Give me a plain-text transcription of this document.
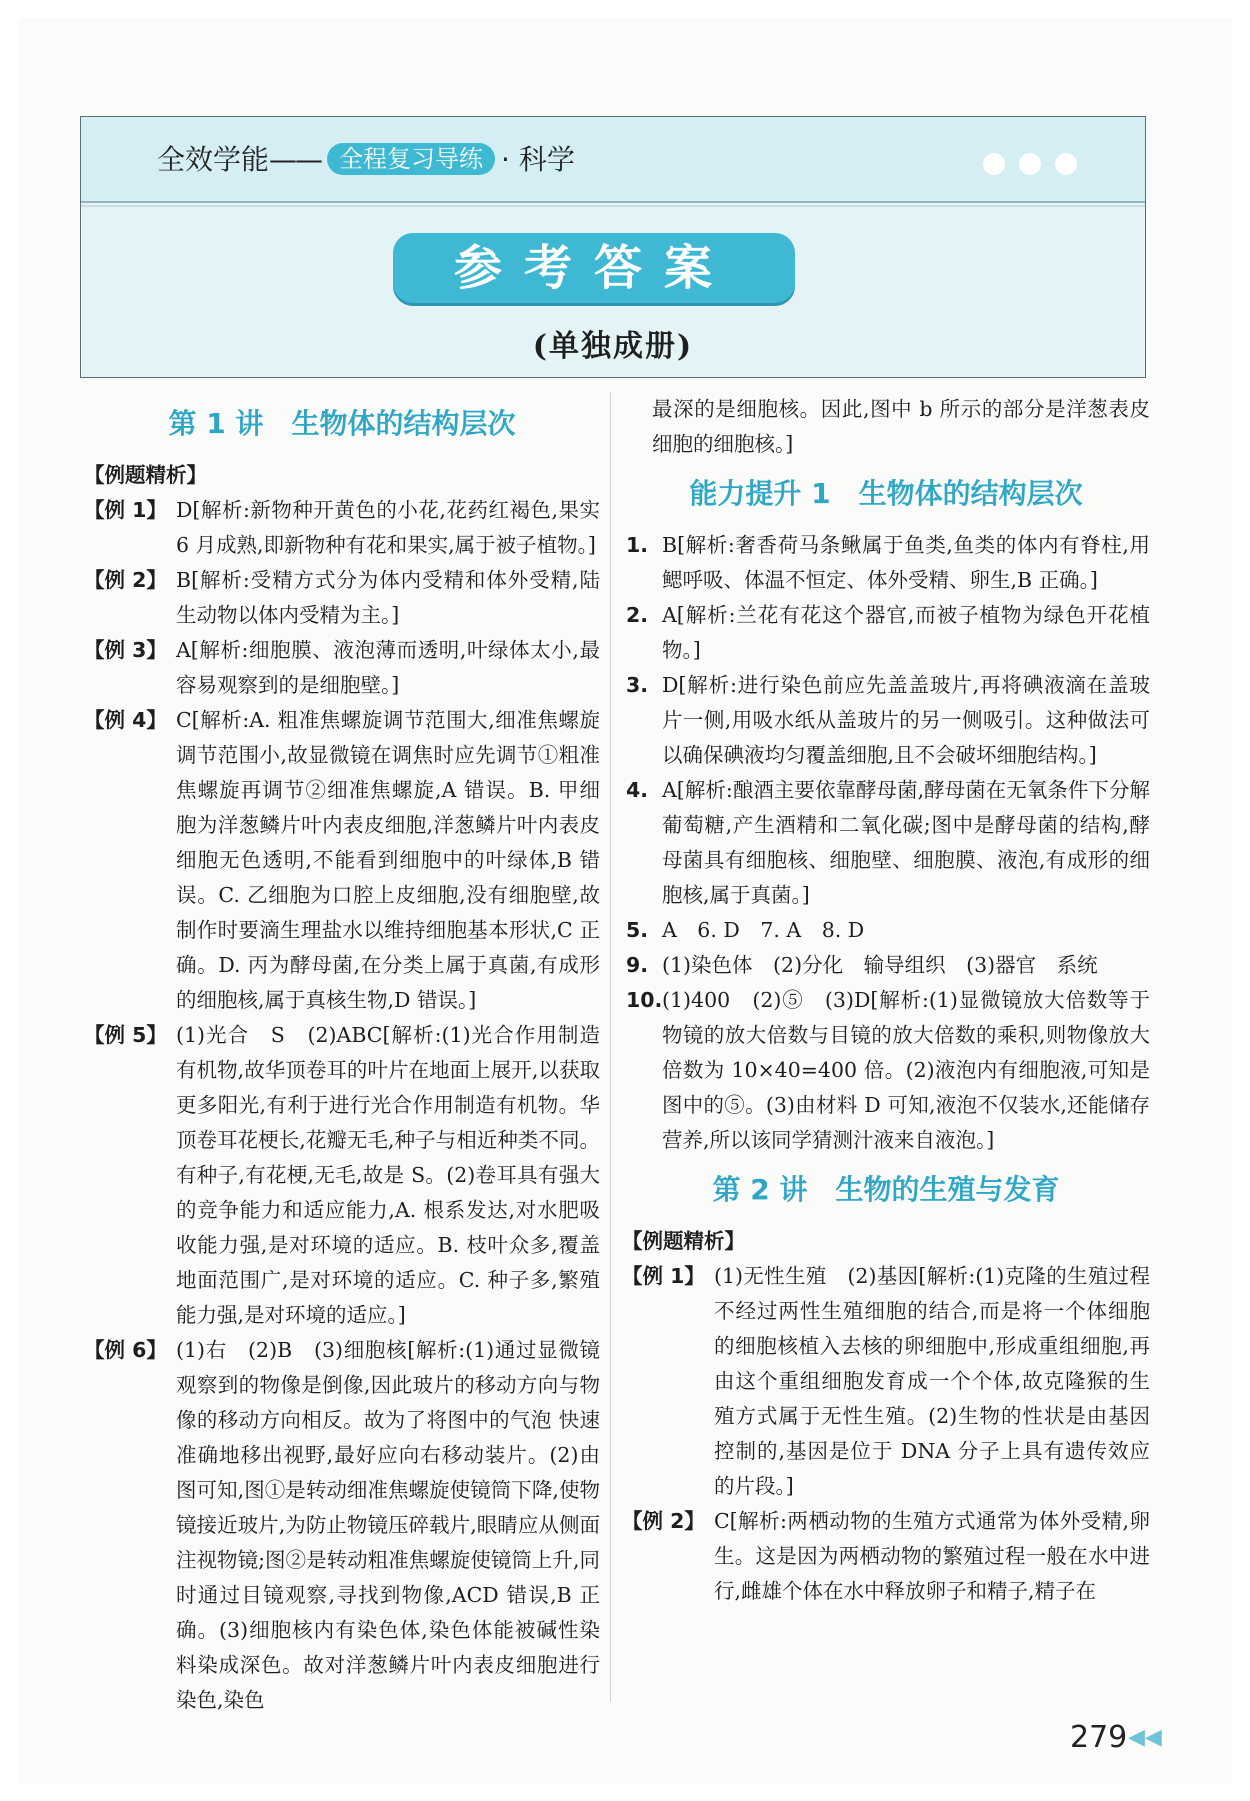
全效学能—— 全程复习导练 · 科学
参考答案
(单独成册)
第 1 讲　生物体的结构层次

【例题精析】

【例 1】 D[解析:新物种开黄色的小花,花药红褐色,果实 6 月成熟,即新物种有花和果实,属于被子植物。]

【例 2】 B[解析:受精方式分为体内受精和体外受精,陆生动物以体内受精为主。]

【例 3】 A[解析:细胞膜、液泡薄而透明,叶绿体太小,最容易观察到的是细胞壁。]

【例 4】 C[解析:A. 粗准焦螺旋调节范围大,细准焦螺旋调节范围小,故显微镜在调焦时应先调节①粗准焦螺旋再调节②细准焦螺旋,A 错误。B. 甲细胞为洋葱鳞片叶内表皮细胞,洋葱鳞片叶内表皮细胞无色透明,不能看到细胞中的叶绿体,B 错误。C. 乙细胞为口腔上皮细胞,没有细胞壁,故制作时要滴生理盐水以维持细胞基本形状,C 正确。D. 丙为酵母菌,在分类上属于真菌,有成形的细胞核,属于真核生物,D 错误。]

【例 5】 (1)光合　S　(2)ABC[解析:(1)光合作用制造有机物,故华顶卷耳的叶片在地面上展开,以获取更多阳光,有利于进行光合作用制造有机物。华顶卷耳花梗长,花瓣无毛,种子与相近种类不同。有种子,有花梗,无毛,故是 S。(2)卷耳具有强大的竞争能力和适应能力,A. 根系发达,对水肥吸收能力强,是对环境的适应。B. 枝叶众多,覆盖地面范围广,是对环境的适应。C. 种子多,繁殖能力强,是对环境的适应。]

【例 6】 (1)右　(2)B　(3)细胞核[解析:(1)通过显微镜观察到的物像是倒像,因此玻片的移动方向与物像的移动方向相反。故为了将图中的气泡 快速准确地移出视野,最好应向右移动装片。(2)由图可知,图①是转动细准焦螺旋使镜筒下降,使物镜接近玻片,为防止物镜压碎载片,眼睛应从侧面注视物镜;图②是转动粗准焦螺旋使镜筒上升,同时通过目镜观察,寻找到物像,ACD 错误,B 正确。(3)细胞核内有染色体,染色体能被碱性染料染成深色。故对洋葱鳞片叶内表皮细胞进行染色,染色

最深的是细胞核。因此,图中 b 所示的部分是洋葱表皮细胞的细胞核。]

能力提升 1　生物体的结构层次

1. B[解析:奢香荷马条鳅属于鱼类,鱼类的体内有脊柱,用鳃呼吸、体温不恒定、体外受精、卵生,B 正确。]

2. A[解析:兰花有花这个器官,而被子植物为绿色开花植物。]

3. D[解析:进行染色前应先盖盖玻片,再将碘液滴在盖玻片一侧,用吸水纸从盖玻片的另一侧吸引。这种做法可以确保碘液均匀覆盖细胞,且不会破坏细胞结构。]

4. A[解析:酿酒主要依靠酵母菌,酵母菌在无氧条件下分解葡萄糖,产生酒精和二氧化碳;图中是酵母菌的结构,酵母菌具有细胞核、细胞壁、细胞膜、液泡,有成形的细胞核,属于真菌。]

5. A　6. D　7. A　8. D

9. (1)染色体　(2)分化　输导组织　(3)器官　系统

10. (1)400　(2)⑤　(3)D[解析:(1)显微镜放大倍数等于物镜的放大倍数与目镜的放大倍数的乘积,则物像放大倍数为 10×40=400 倍。(2)液泡内有细胞液,可知是图中的⑤。(3)由材料 D 可知,液泡不仅装水,还能储存营养,所以该同学猜测汁液来自液泡。]

第 2 讲　生物的生殖与发育

【例题精析】

【例 1】 (1)无性生殖　(2)基因[解析:(1)克隆的生殖过程不经过两性生殖细胞的结合,而是将一个体细胞的细胞核植入去核的卵细胞中,形成重组细胞,再由这个重组细胞发育成一个个体,故克隆猴的生殖方式属于无性生殖。(2)生物的性状是由基因控制的,基因是位于 DNA 分子上具有遗传效应的片段。]

【例 2】 C[解析:两栖动物的生殖方式通常为体外受精,卵生。这是因为两栖动物的繁殖过程一般在水中进行,雌雄个体在水中释放卵子和精子,精子在

279 ◀◀
